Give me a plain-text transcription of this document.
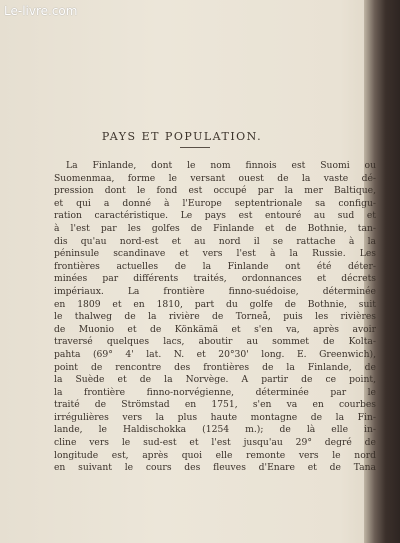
Le-livre.com
PAYS ET POPULATION.
La Finlande, dont le nom finnois est Suomi ou
Suomenmaa, forme le versant ouest de la vaste dé-
pression dont le fond est occupé par la mer Baltique,
et qui a donné à l'Europe septentrionale sa configu-
ration caractéristique. Le pays est entouré au sud et
à l'est par les golfes de Finlande et de Bothnie, tan-
dis qu'au nord-est et au nord il se rattache à la
péninsule scandinave et vers l'est à la Russie. Les
frontières actuelles de la Finlande ont été déter-
minées par différents traités, ordonnances et décrets
impériaux. La frontière finno-suédoise, déterminée
en 1809 et en 1810, part du golfe de Bothnie, suit
le thalweg de la rivière de Torneå, puis les rivières
de Muonio et de Könkämä et s'en va, après avoir
traversé quelques lacs, aboutir au sommet de Kolta-
pahta (69° 4' lat. N. et 20°30' long. E. Greenwich),
point de rencontre des frontières de la Finlande, de
la Suède et de la Norvège. A partir de ce point,
la frontière finno-norvégienne, déterminée par le
traité de Strömstad en 1751, s'en va en courbes
irrégulières vers la plus haute montagne de la Fin-
lande, le Haldischokka (1254 m.); de là elle in-
cline vers le sud-est et l'est jusqu'au 29° degré de
longitude est, après quoi elle remonte vers le nord
en suivant le cours des fleuves d'Enare et de Tana
